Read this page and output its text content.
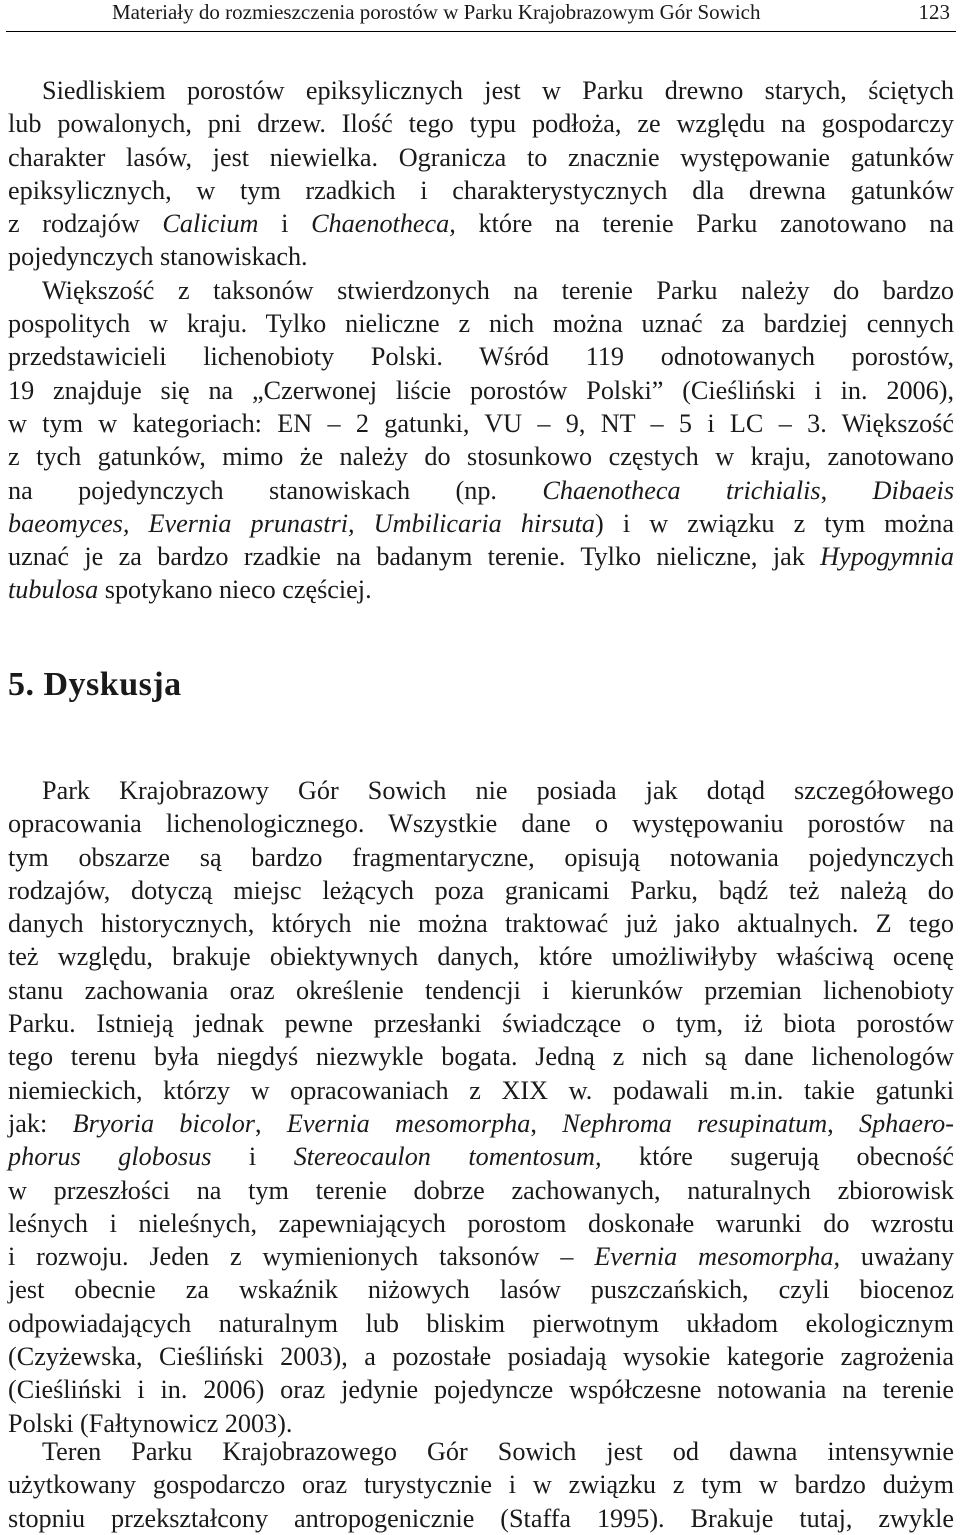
Materiały do rozmieszczenia porostów w Parku Krajobrazowym Gór Sowich	123
Siedliskiem porostów epiksylicznych jest w Parku drewno starych, ściętych
lub powalonych, pni drzew. Ilość tego typu podłoża, ze względu na gospodarczy
charakter lasów, jest niewielka. Ogranicza to znacznie występowanie gatunków
epiksylicznych, w tym rzadkich i charakterystycznych dla drewna gatunków
z rodzajów Calicium i Chaenotheca, które na terenie Parku zanotowano na
pojedynczych stanowiskach.
Większość z taksonów stwierdzonych na terenie Parku należy do bardzo
pospolitych w kraju. Tylko nieliczne z nich można uznać za bardziej cennych
przedstawicieli lichenobioty Polski. Wśród 119 odnotowanych porostów,
19 znajduje się na „Czerwonej liście porostów Polski” (Cieśliński i in. 2006),
w tym w kategoriach: EN – 2 gatunki, VU – 9, NT – 5 i LC – 3. Większość
z tych gatunków, mimo że należy do stosunkowo częstych w kraju, zanotowano
na pojedynczych stanowiskach (np. Chaenotheca trichialis, Dibaeis
baeomyces, Evernia prunastri, Umbilicaria hirsuta) i w związku z tym można
uznać je za bardzo rzadkie na badanym terenie. Tylko nieliczne, jak Hypogymnia
tubulosa spotykano nieco częściej.
5. Dyskusja
Park Krajobrazowy Gór Sowich nie posiada jak dotąd szczegółowego
opracowania lichenologicznego. Wszystkie dane o występowaniu porostów na
tym obszarze są bardzo fragmentaryczne, opisują notowania pojedynczych
rodzajów, dotyczą miejsc leżących poza granicami Parku, bądź też należą do
danych historycznych, których nie można traktować już jako aktualnych. Z tego
też względu, brakuje obiektywnych danych, które umożliwiłyby właściwą ocenę
stanu zachowania oraz określenie tendencji i kierunków przemian lichenobioty
Parku. Istnieją jednak pewne przesłanki świadczące o tym, iż biota porostów
tego terenu była niegdyś niezwykle bogata. Jedną z nich są dane lichenologów
niemieckich, którzy w opracowaniach z XIX w. podawali m.in. takie gatunki
jak: Bryoria bicolor, Evernia mesomorpha, Nephroma resupinatum, Sphaero-
phorus globosus i Stereocaulon tomentosum, które sugerują obecność
w przeszłości na tym terenie dobrze zachowanych, naturalnych zbiorowisk
leśnych i nieleśnych, zapewniających porostom doskonałe warunki do wzrostu
i rozwoju. Jeden z wymienionych taksonów – Evernia mesomorpha, uważany
jest obecnie za wskaźnik niżowych lasów puszczańskich, czyli biocenoz
odpowiadających naturalnym lub bliskim pierwotnym układom ekologicznym
(Czyżewska, Cieśliński 2003), a pozostałe posiadają wysokie kategorie zagrożenia
(Cieśliński i in. 2006) oraz jedynie pojedyncze współczesne notowania na terenie
Polski (Fałtynowicz 2003).
Teren Parku Krajobrazowego Gór Sowich jest od dawna intensywnie
użytkowany gospodarczo oraz turystycznie i w związku z tym w bardzo dużym
stopniu przekształcony antropogenicznie (Staffa 1995). Brakuje tutaj, zwykle
